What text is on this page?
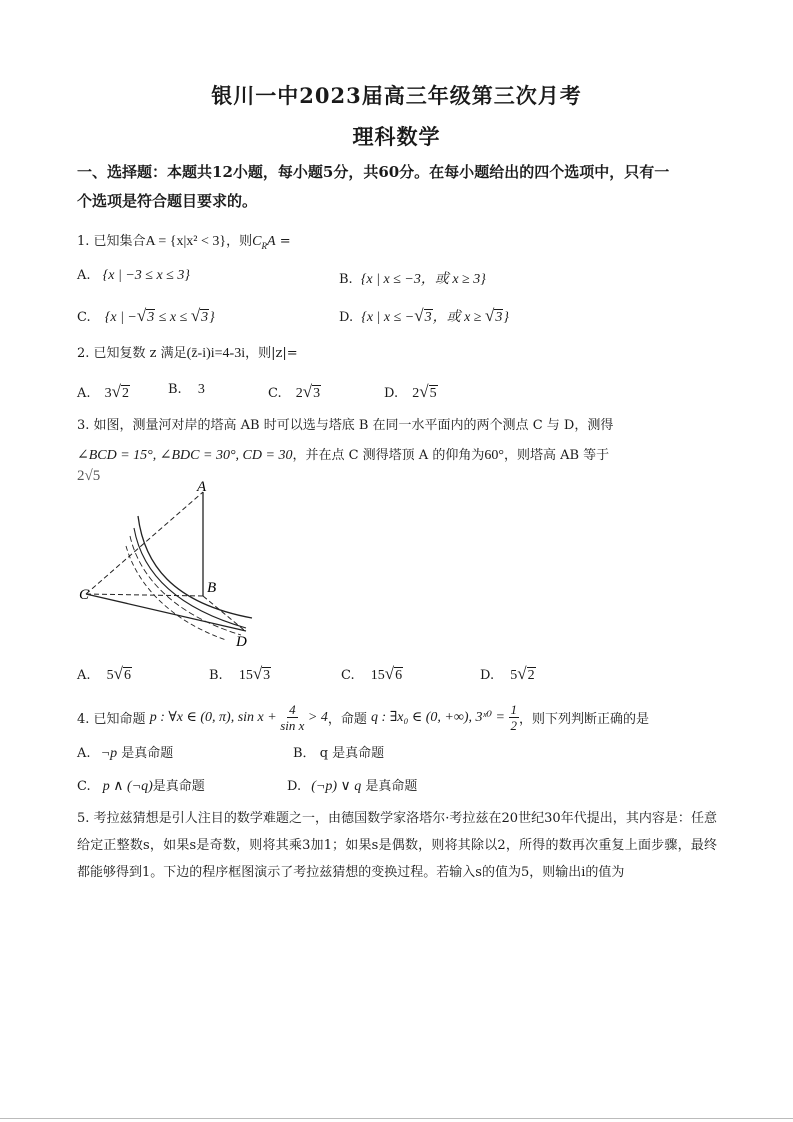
银川一中2023届高三年级第三次月考
理科数学
一、选择题：本题共12小题，每小题5分，共60分。在每小题给出的四个选项中，只有一
个选项是符合题目要求的。
1. 已知集合A = {x|x² < 3}，则$C_RA$ =
A. {x | −3 ≤ x ≤ 3}	B. {x | x ≤ −3，或 x ≥ 3}
C. {x | − √ 3 ≤ x ≤ √ 3}	D. {x | x ≤ − √ 3，或 x ≥ √ 3}
2. 已知复数 z 满足(z̄-i)i=4-3i，则|z|=
A. 3 √ 2	B. 3	C. 2 √ 3	D. 2 √ 5
3. 如图，测量河对岸的塔高 AB 时可以选与塔底 B 在同一水平面内的两个测点 C 与 D，测得
∠BCD = 15°, ∠BDC = 30°, CD = 30，并在点 C 测得塔顶 A 的仰角为60°，则塔高 AB 等于
2√5
A
B
C
D
A. 5 √ 6	B. 15 √ 3	C. 15 √ 6	D. 5 √ 2
4. 已知命题 p : ∀x ∈ (0, π), $\sin x + \frac{4}{\text{sin x}} > 4$，命题 q : ∃x₀ ∈ (0, +∞), 3ˣ⁰ = $\frac{1}{2}$ ，则下列判断正确的是
A. ¬p 是真命题	B． q 是真命题
C. p ∧ (¬q)是真命题	D. (¬p) ∨ q 是真命题
5. 考拉兹猜想是引人注目的数学难题之一，由德国数学家洛塔尔·考拉兹在20世纪30年代提出，其内容是：任意给定正整数s，如果s是奇数，则将其乘3加1；如果s是偶数，则将其除以2，所得的数再次重复上面步骤，最终都能够得到1。下边的程序框图演示了考拉兹猜想的变换过程。若输入s的值为5，则输出i的值为
